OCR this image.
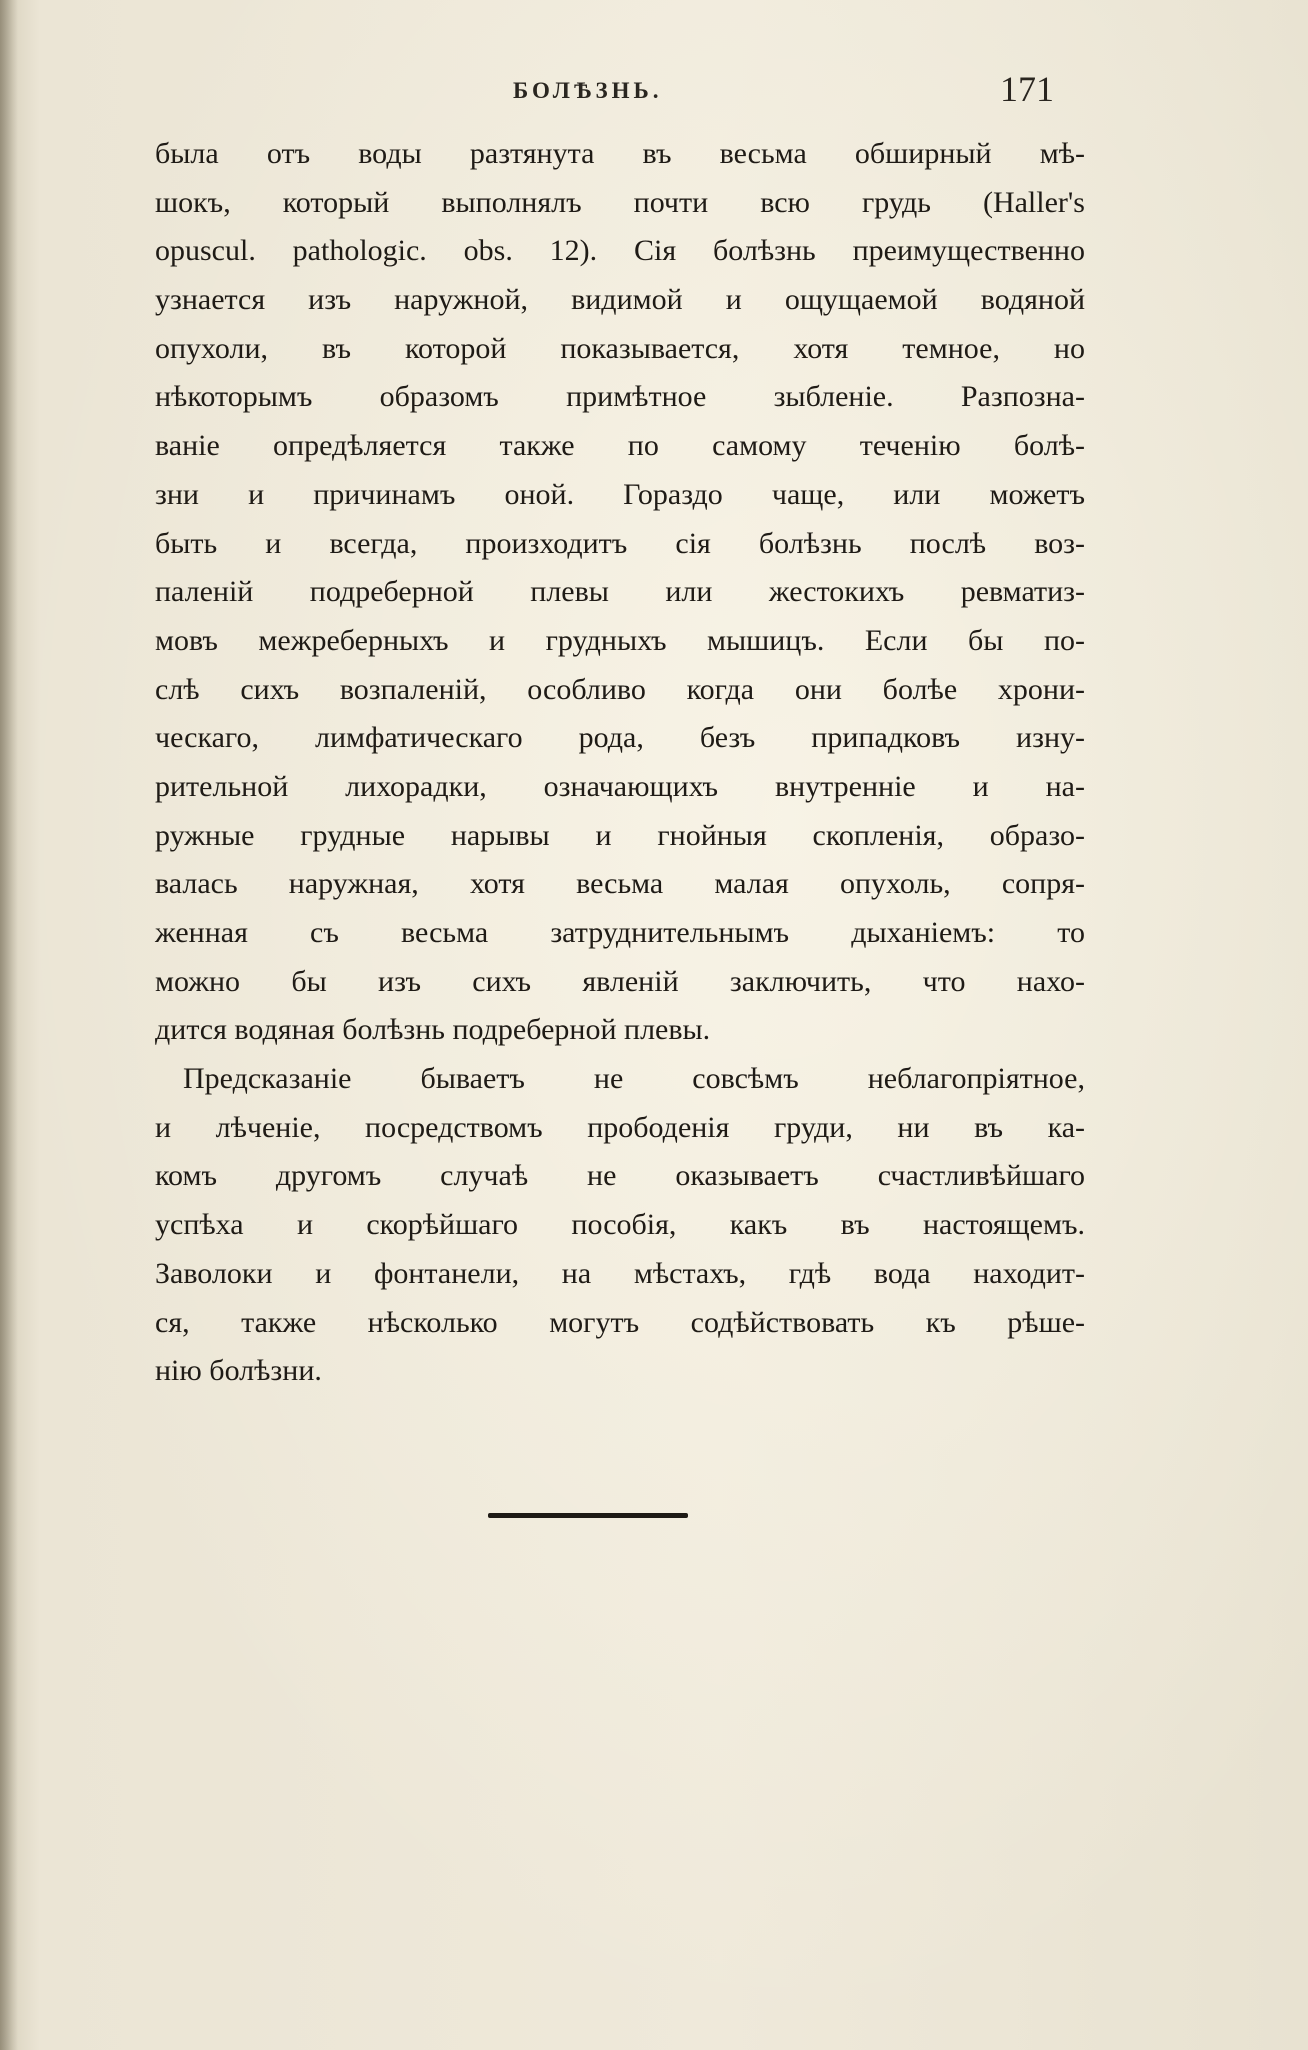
БОЛѢЗНЬ.	171
была отъ воды разтянута въ весьма обширный мѣ-
шокъ, который выполнялъ почти всю грудь (Haller's
opuscul. pathologic. obs. 12). Сія болѣзнь преимущественно
узнается изъ наружной, видимой и ощущаемой водяной
опухоли, въ которой показывается, хотя темное, но
нѣкоторымъ образомъ примѣтное зыбленіе. Разпозна-
ваніе опредѣляется также по самому теченію болѣ-
зни и причинамъ оной. Гораздо чаще, или можетъ
быть и всегда, произходитъ сія болѣзнь послѣ воз-
паленій подреберной плевы или жестокихъ ревматиз-
мовъ межреберныхъ и грудныхъ мышицъ. Если бы по-
слѣ сихъ возпаленій, особливо когда они болѣе хрони-
ческаго, лимфатическаго рода, безъ припадковъ изну-
рительной лихорадки, означающихъ внутренніе и на-
ружные грудные нарывы и гнойныя скопленія, образо-
валась наружная, хотя весьма малая опухоль, сопря-
женная съ весьма затруднительнымъ дыханіемъ: то
можно бы изъ сихъ явленій заключить, что нахо-
дится водяная болѣзнь подреберной плевы.
Предсказаніе бываетъ не совсѣмъ неблагопріятное,
и лѣченіе, посредствомъ прободенія груди, ни въ ка-
комъ другомъ случаѣ не оказываетъ счастливѣйшаго
успѣха и скорѣйшаго пособія, какъ въ настоящемъ.
Заволоки и фонтанели, на мѣстахъ, гдѣ вода находит-
ся, также нѣсколько могутъ содѣйствовать къ рѣше-
нію болѣзни.
